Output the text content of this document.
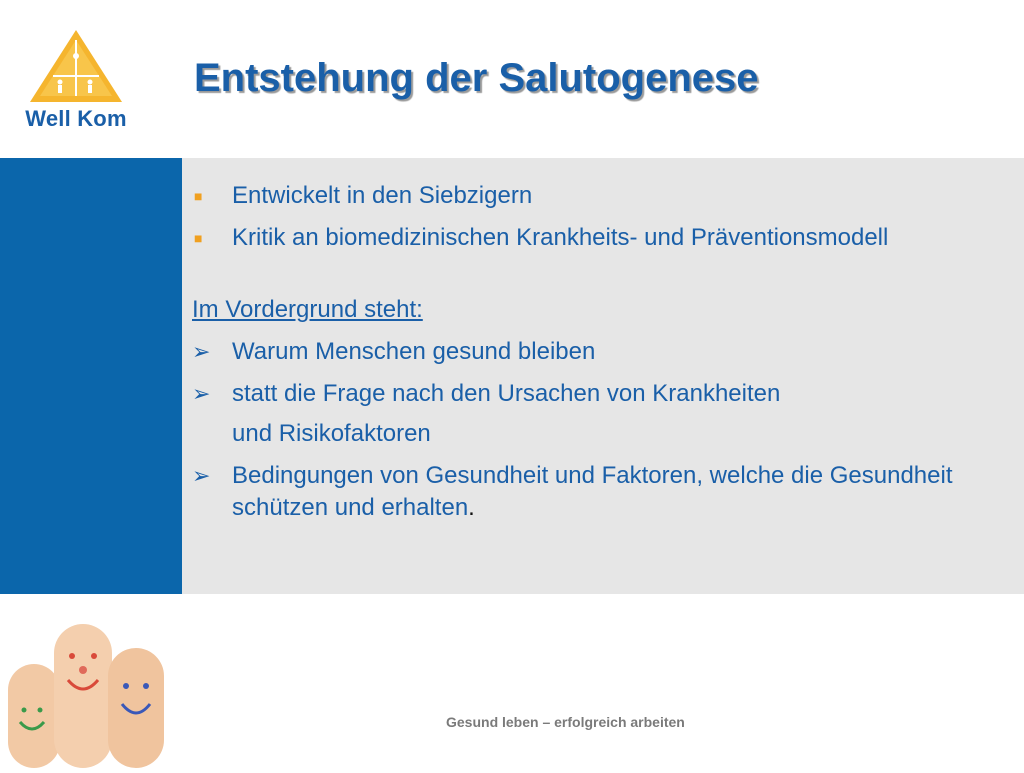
Well Kom
Entstehung der Salutogenese
■ Entwickelt in den Siebzigern
■ Kritik an biomedizinischen Krankheits- und Präventionsmodell
Im Vordergrund steht:
➢ Warum Menschen gesund bleiben
➢ statt die Frage nach den Ursachen von Krankheiten
und Risikofaktoren
➢ Bedingungen von Gesundheit und Faktoren, welche die Gesundheit schützen und erhalten.
Gesund leben – erfolgreich arbeiten
